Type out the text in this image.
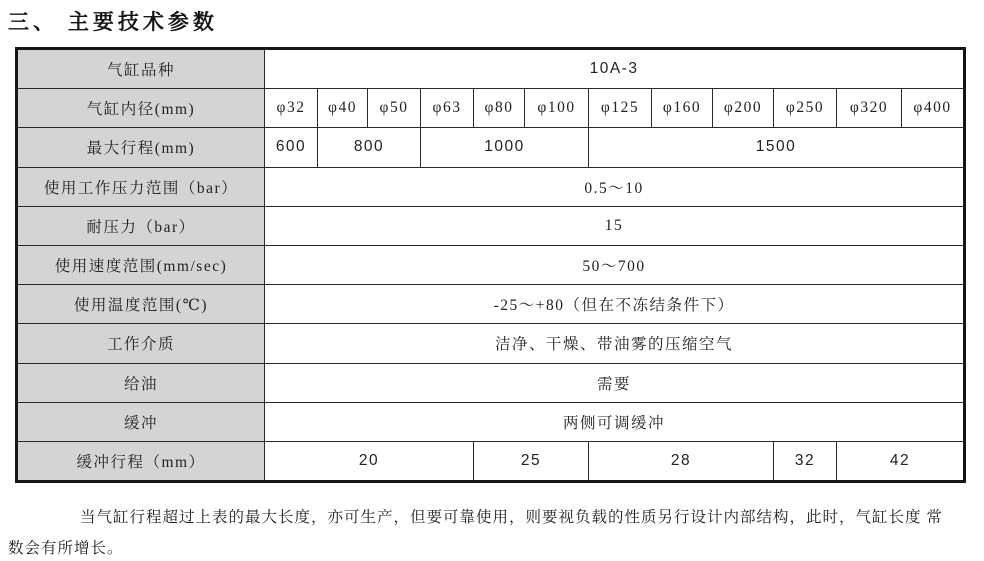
三、 主要技术参数
气缸品种	10A-3											
气缸内径(mm)	φ32	φ40	φ50	φ63	φ80	φ100	φ125	φ160	φ200	φ250	φ320	φ400
最大行程(mm)	600	800		1000			1500					
使用工作压力范围（bar）	0.5～10											
耐压力（bar）	15											
使用速度范围(mm/sec)	50～700											
使用温度范围(℃)	-25～+80（但在不冻结条件下）											
工作介质	洁净、干燥、带油雾的压缩空气											
给油	需要											
缓冲	两侧可调缓冲											
缓冲行程（mm）	20				25		28			32	42	
当气缸行程超过上表的最大长度，亦可生产，但要可靠使用，则要视负载的性质另行设计内部结构，此时，气缸长度 常
数会有所增长。
